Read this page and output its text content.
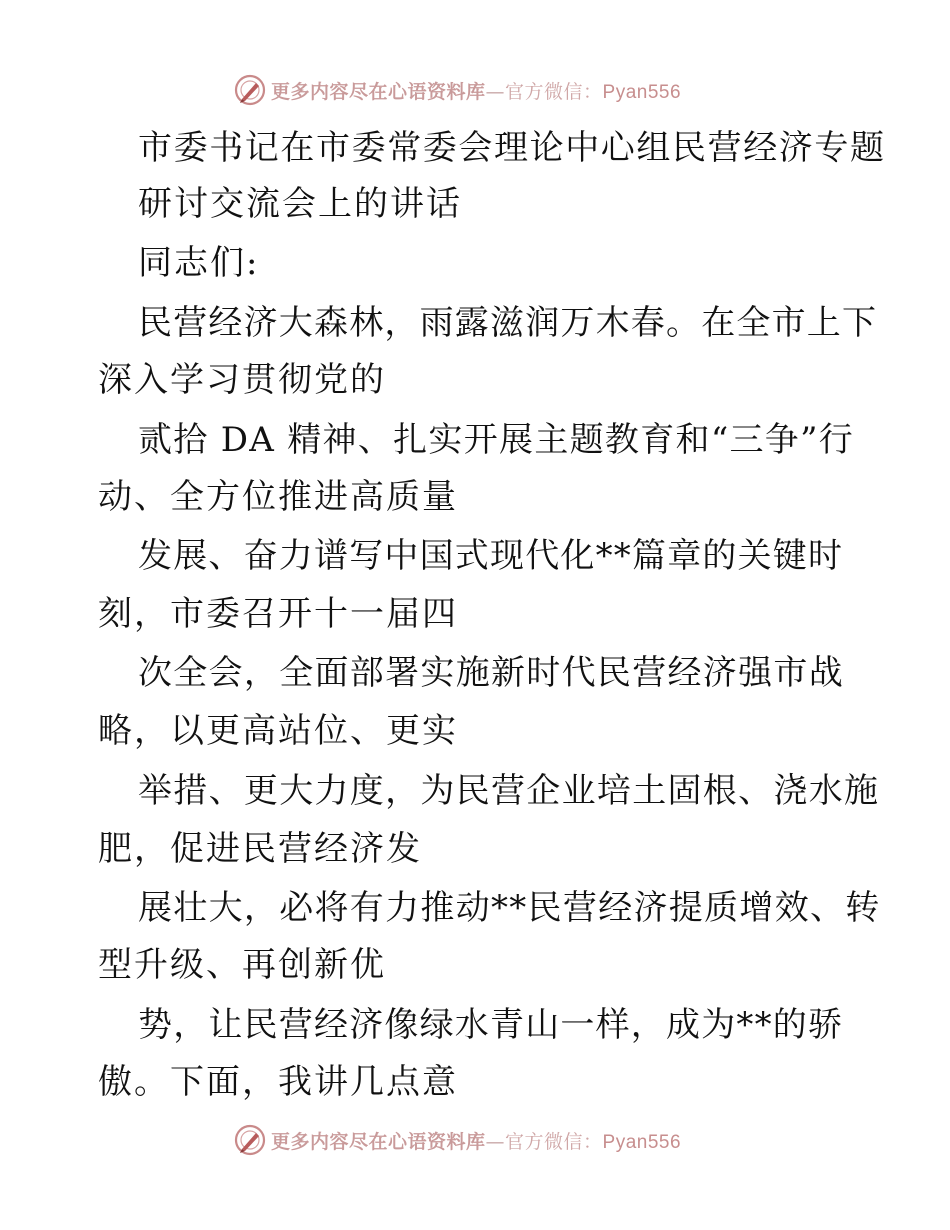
更多内容尽在心语资料库—官方微信：Pyan556
市委书记在市委常委会理论中心组民营经济专题
研讨交流会上的讲话
同志们:
民营经济大森林，雨露滋润万木春。在全市上下
深入学习贯彻党的
贰拾 DA 精神、扎实开展主题教育和“三争”行
动、全方位推进高质量
发展、奋力谱写中国式现代化**篇章的关键时
刻，市委召开十一届四
次全会，全面部署实施新时代民营经济强市战
略，以更高站位、更实
举措、更大力度，为民营企业培土固根、浇水施
肥，促进民营经济发
展壮大，必将有力推动**民营经济提质增效、转
型升级、再创新优
势，让民营经济像绿水青山一样，成为**的骄
傲。下面，我讲几点意
更多内容尽在心语资料库—官方微信：Pyan556
